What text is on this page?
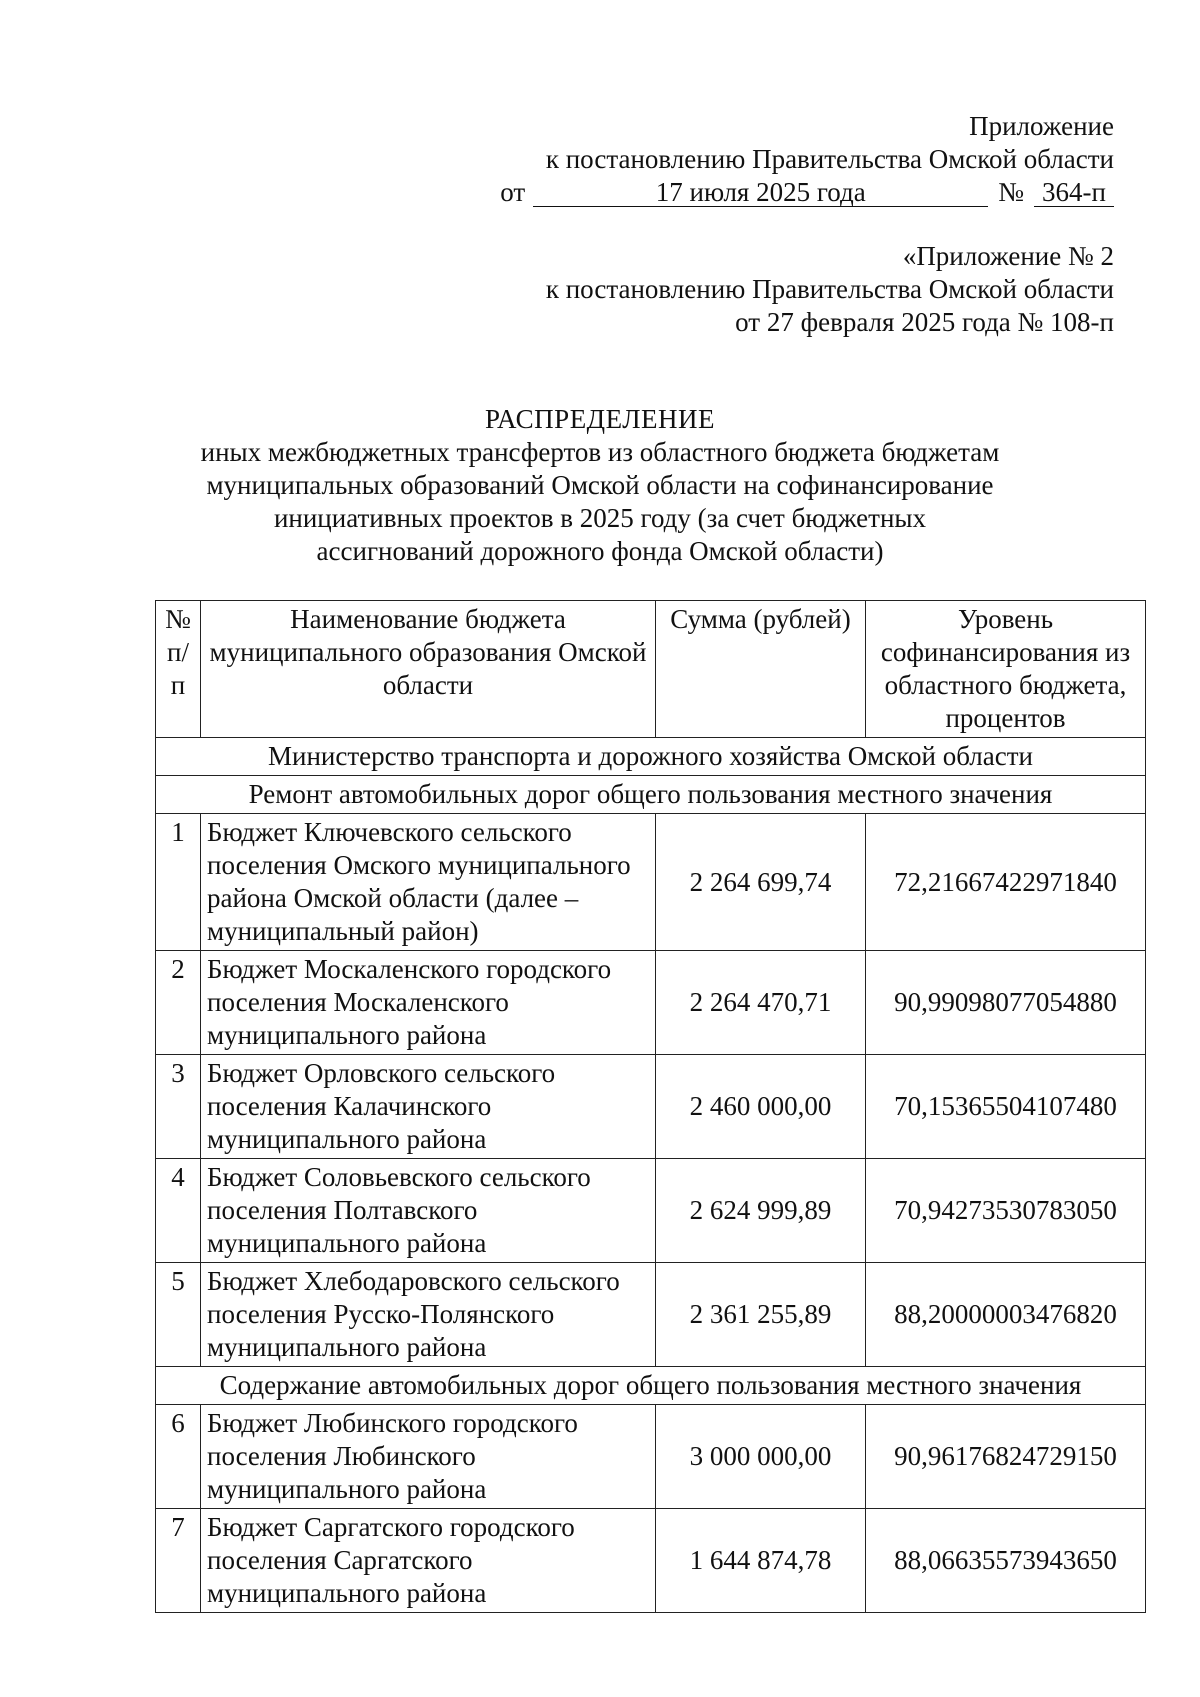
Приложение
к постановлению Правительства Омской области
от	17 июля 2025 года	№ 364-п
«Приложение № 2
к постановлению Правительства Омской области
от 27 февраля 2025 года № 108-п
РАСПРЕДЕЛЕНИЕ
иных межбюджетных трансфертов из областного бюджета бюджетам
муниципальных образований Омской области на софинансирование
инициативных проектов в 2025 году (за счет бюджетных
ассигнований дорожного фонда Омской области)
№ п/п	Наименование бюджета муниципального образования Омской области	Сумма (рублей)	Уровень софинансирования из областного бюджета, процентов
Министерство транспорта и дорожного хозяйства Омской области			
Ремонт автомобильных дорог общего пользования местного значения			
1	Бюджет Ключевского сельского поселения Омского муниципального района Омской области (далее – муниципальный район)	2 264 699,74	72,21667422971840
2	Бюджет Москаленского городского поселения Москаленского муниципального района	2 264 470,71	90,99098077054880
3	Бюджет Орловского сельского поселения Калачинского муниципального района	2 460 000,00	70,15365504107480
4	Бюджет Соловьевского сельского поселения Полтавского муниципального района	2 624 999,89	70,94273530783050
5	Бюджет Хлебодаровского сельского поселения Русско-Полянского муниципального района	2 361 255,89	88,20000003476820
Содержание автомобильных дорог общего пользования местного значения			
6	Бюджет Любинского городского поселения Любинского муниципального района	3 000 000,00	90,96176824729150
7	Бюджет Саргатского городского поселения Саргатского муниципального района	1 644 874,78	88,06635573943650
